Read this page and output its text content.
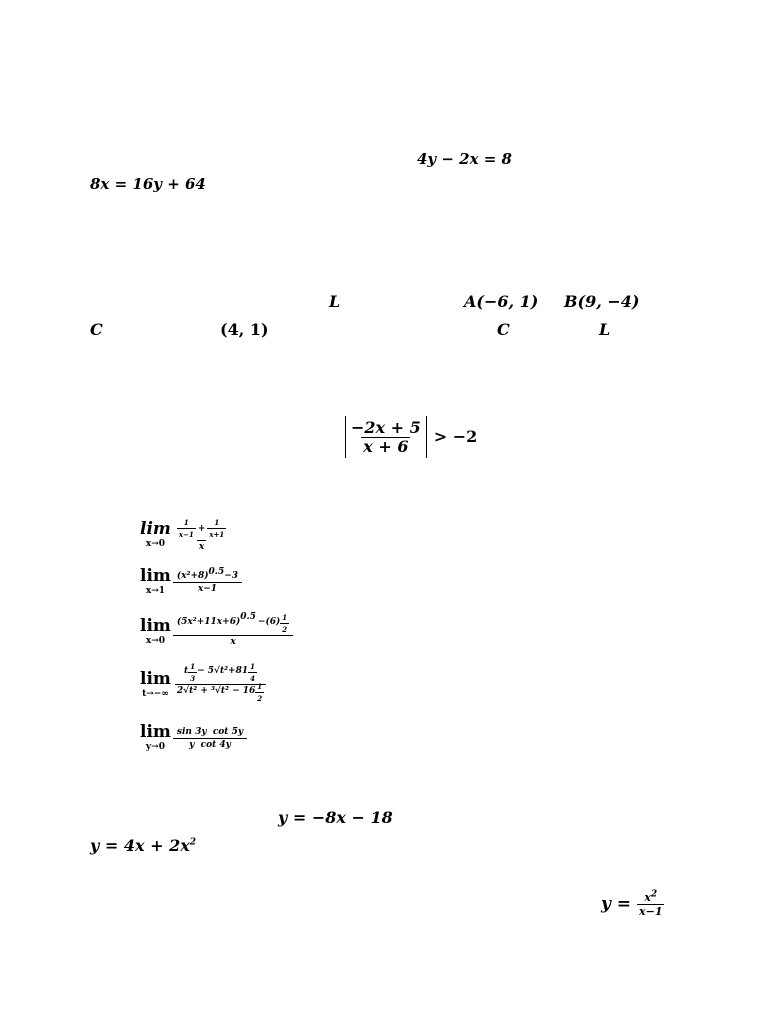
4y − 2x = 8
8x = 16y + 64
L	A(−6, 1) B(9, −4)
C	(4, 1)	C	L
$\frac{-2x + 5}{x + 6} > -2$
lim
$x\to 0 \frac{\frac{1}{x-1} + \frac{1}{x+1}}{x}$
lim
$x\to 1 \frac{(x^2+8)^{0.5}-3}{x-1}$
lim
$x\to 0 \frac{(5x^2+11x+6) 0.5 -(6) \frac{1}{2}}{x}$
lim
$t\to-\infty \frac{t \frac{1}{3} - 5√t^2+81 \frac{1}{4}}{2√t^2 + ^3√t^2 - 16 \frac{1}{2}}$
lim
$y\to 0 \frac{\text{sin 3y  cot 5y}}{\text{y  cot 4y}}$
y = −8x − 18
$y = 4x + 2x^2$
$y = \frac{x^2}{x-1}$
